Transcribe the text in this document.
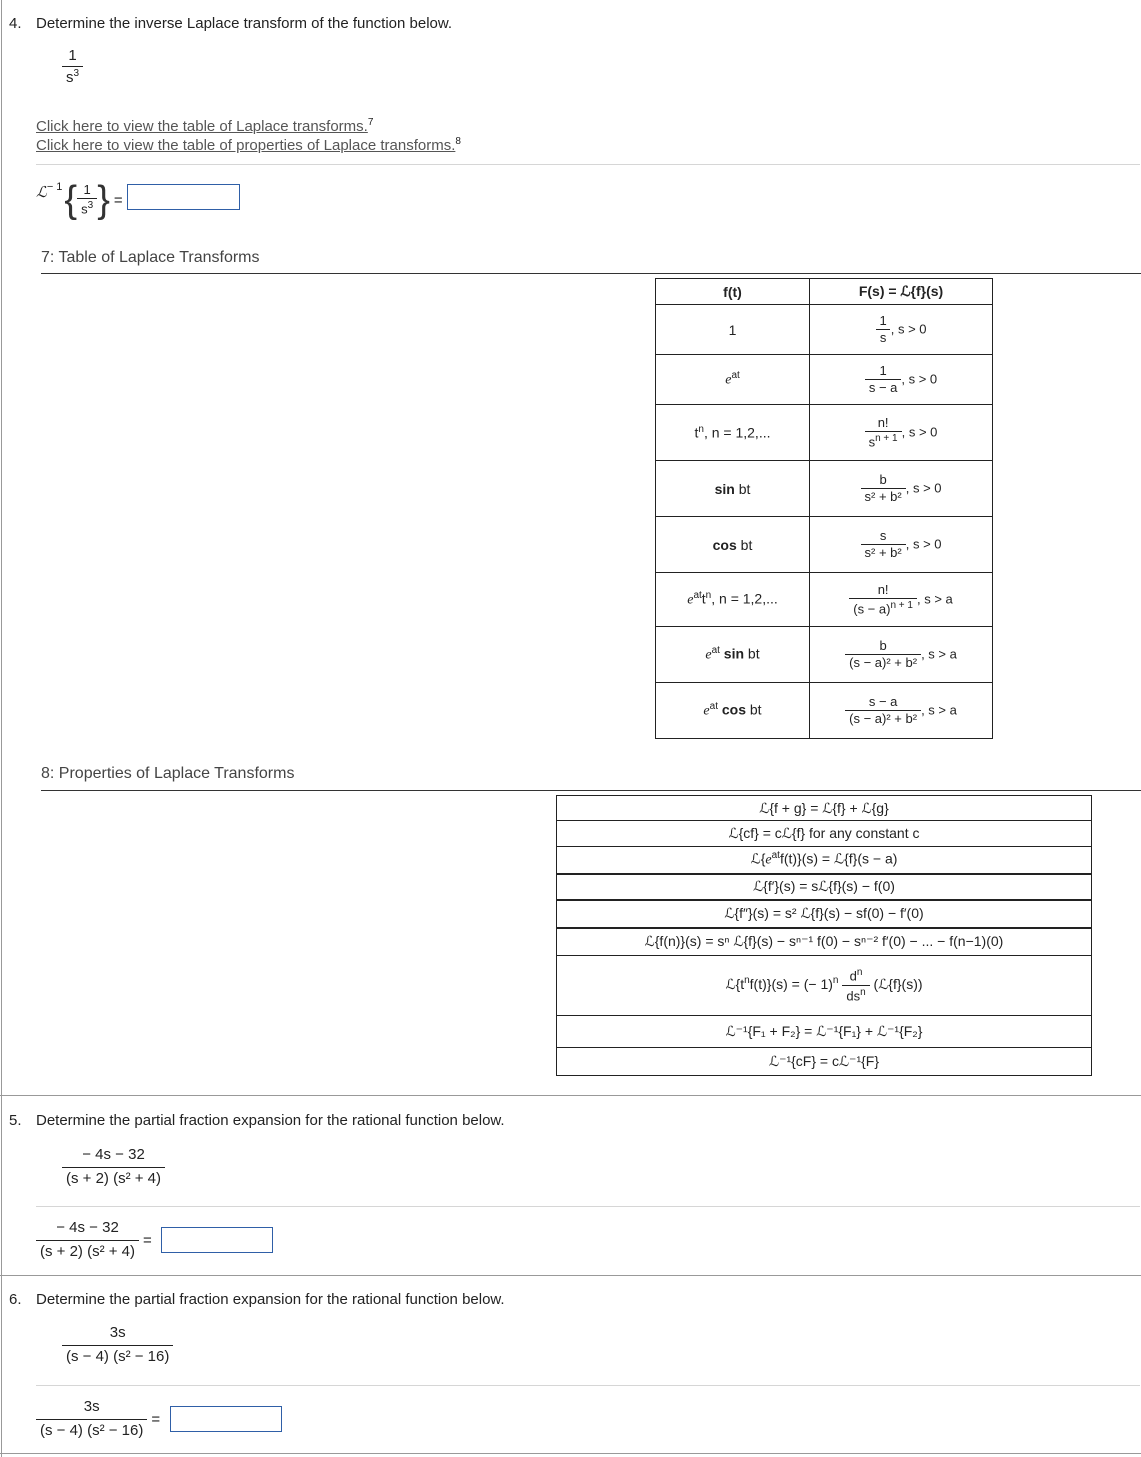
4. Determine the inverse Laplace transform of the function below.
$\frac{1}{s^3}$
Click here to view the table of Laplace transforms.$^7$
Click here to view the table of properties of Laplace transforms.$^8$
ℒ − 1 { $\frac{1}{s^3}$ } =
7: Table of Laplace Transforms
f(t)	F(s) = ℒ{f}(s)
1	$\frac{1}{s}$ , s > 0
$e^{at}$	$\frac{1}{s - a}$ , s > 0
$t^n$, n = 1,2,...	$\frac{n!}{s^{n + 1}}$ , s > 0
sin bt	$\frac{b}{\text{s² + b²}}$ , s > 0
cos bt	$\frac{s}{\text{s² + b²}}$ , s > 0
$e^{at}t^n$, n = 1,2,...	$\frac{n!}{(s - a)^{n + 1}}$ , s > a
$e^{at}$ sin bt	$\frac{b}{\text{(s − a)² + b²}}$ , s > a
$e^{at}$ cos bt	$\frac{s - a}{\text{(s − a)² + b²}}$ , s > a
8: Properties of Laplace Transforms
ℒ{f + g} = ℒ{f} + ℒ{g}
ℒ{cf} = cℒ{f} for any constant c
$ℒ\{e^{at}f(t)\}(s)$ = ℒ{f}(s − a)
ℒ{f′}(s) = sℒ{f}(s) − f(0)
ℒ{f″}(s) = s² ℒ{f}(s) − sf(0) − f′(0)
ℒ{f(n)}(s) = sⁿ ℒ{f}(s) − sⁿ⁻¹ f(0) − sⁿ⁻² f′(0) − ... − f(n−1)(0)
$ℒ\{t^nf(t)\}(s)$ = (− $1)^n \frac{d^n}{ds^n}$ (ℒ{f}(s))
ℒ⁻¹{F₁ + F₂} = ℒ⁻¹{F₁} + ℒ⁻¹{F₂}
ℒ⁻¹{cF} = cℒ⁻¹{F}
5. Determine the partial fraction expansion for the rational function below.
$\frac{- 4s - 32}{\text{(s + 2) (s² + 4)}}$
$\frac{- 4s - 32}{\text{(s + 2) (s² + 4)}}$ =
6. Determine the partial fraction expansion for the rational function below.
$\frac{3s}{\text{(s − 4) (s² − 16)}}$
$\frac{3s}{\text{(s − 4) (s² − 16)}}$ =
